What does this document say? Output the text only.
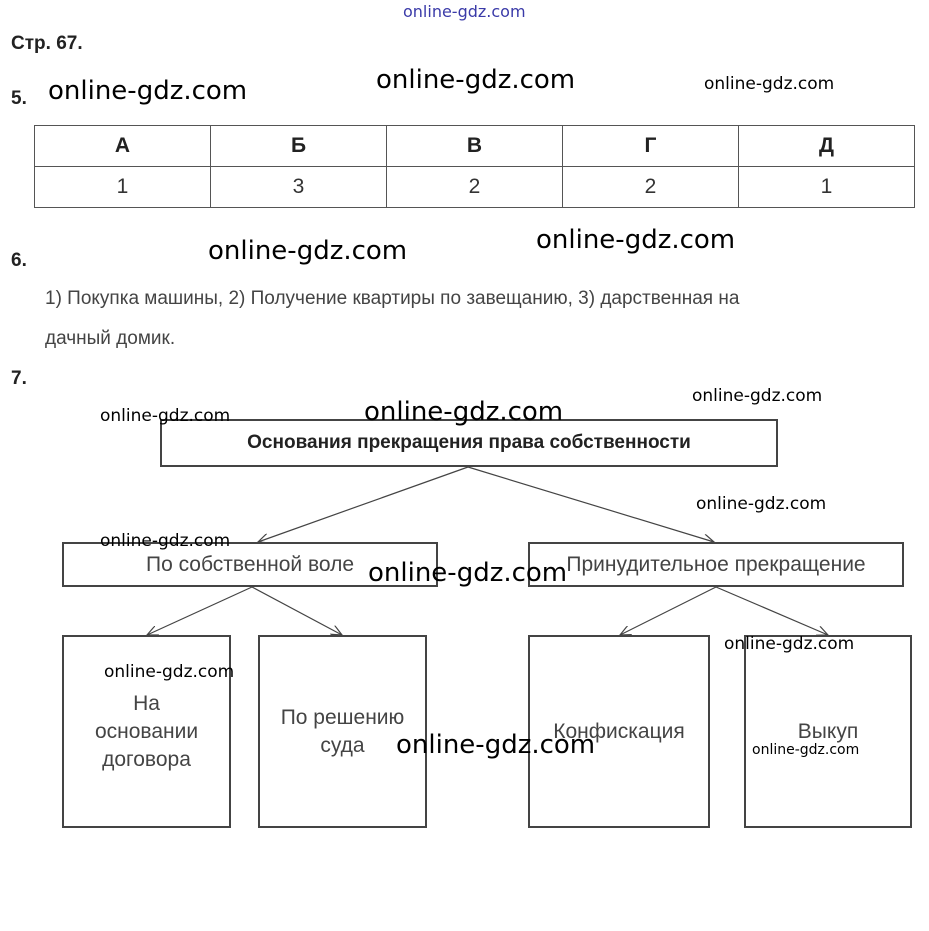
online-gdz.com
Стр. 67.
5. online-gdz.com	online-gdz.com	online-gdz.com
А	Б	В	Г	Д
1	3	2	2	1
6.	online-gdz.com	online-gdz.com
1) Покупка машины, 2) Получение квартиры по завещанию, 3) дарственная на
дачный домик.
7.
Основания прекращения права собственности
По собственной воле	Принудительное прекращение
На основании договора
По решению суда
Конфискация	Выкуп
online-gdz.com	online-gdz.com
online-gdz.com
online-gdz.com
online-gdz.com
online-gdz.com
online-gdz.com
online-gdz.com
online-gdz.com	online-gdz.com
